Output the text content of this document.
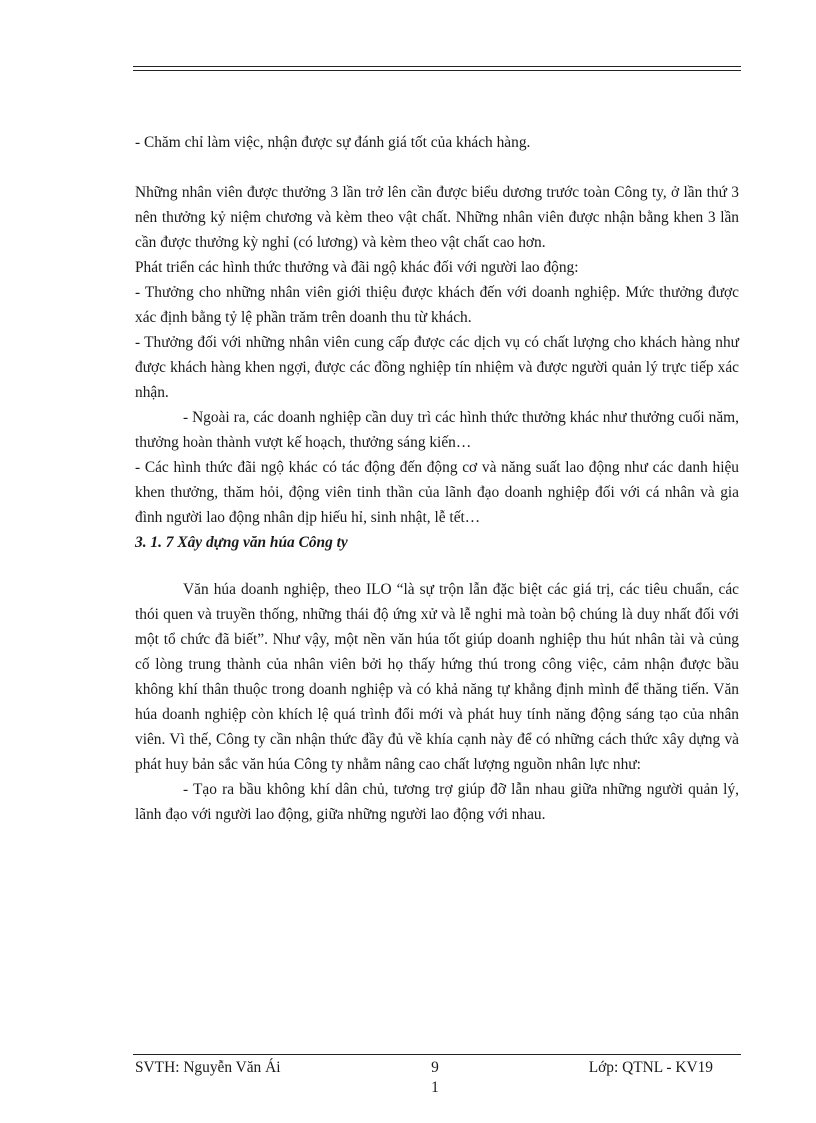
- Chăm chỉ làm việc, nhận được sự đánh giá tốt của khách hàng.

Những nhân viên được thưởng 3 lần trở lên cần được biểu dương trước toàn Công ty, ở lần thứ 3 nên thưởng kỷ niệm chương và kèm theo vật chất. Những nhân viên được nhận bằng khen 3 lần cần được thưởng kỳ nghỉ (có lương) và kèm theo vật chất cao hơn.

Phát triển các hình thức thưởng và đãi ngộ khác đối với người lao động:

- Thưởng cho những nhân viên giới thiệu được khách đến với doanh nghiệp. Mức thưởng được xác định bằng tỷ lệ phần trăm trên doanh thu từ khách.

- Thưởng đối với những nhân viên cung cấp được các dịch vụ có chất lượng cho khách hàng như được khách hàng khen ngợi, được các đồng nghiệp tín nhiệm và được người quản lý trực tiếp xác nhận.

- Ngoài ra, các doanh nghiệp cần duy trì các hình thức thưởng khác như thưởng cuối năm, thưởng hoàn thành vượt kế hoạch, thưởng sáng kiến…

- Các hình thức đãi ngộ khác có tác động đến động cơ và năng suất lao động như các danh hiệu khen thưởng, thăm hỏi, động viên tinh thần của lãnh đạo doanh nghiệp đối với cá nhân và gia đình người lao động nhân dịp hiếu hỉ, sinh nhật, lễ tết…

3. 1. 7 Xây dựng văn húa Công ty

Văn húa doanh nghiệp, theo ILO “là sự trộn lẫn đặc biệt các giá trị, các tiêu chuẩn, các thói quen và truyền thống, những thái độ ứng xử và lễ nghi mà toàn bộ chúng là duy nhất đối với một tổ chức đã biết”. Như vậy, một nền văn húa tốt giúp doanh nghiệp thu hút nhân tài và củng cố lòng trung thành của nhân viên bởi họ thấy hứng thú trong công việc, cảm nhận được bầu không khí thân thuộc trong doanh nghiệp và có khả năng tự khẳng định mình để thăng tiến. Văn húa doanh nghiệp còn khích lệ quá trình đổi mới và phát huy tính năng động sáng tạo của nhân viên. Vì thế, Công ty cần nhận thức đầy đủ về khía cạnh này để có những cách thức xây dựng và phát huy bản sắc văn húa Công ty nhằm nâng cao chất lượng nguồn nhân lực như:

- Tạo ra bầu không khí dân chủ, tương trợ giúp đỡ lẫn nhau giữa những người quản lý, lãnh đạo với người lao động, giữa những người lao động với nhau.

SVTH: Nguyễn Văn Ái	9
1
Lớp: QTNL - KV19
